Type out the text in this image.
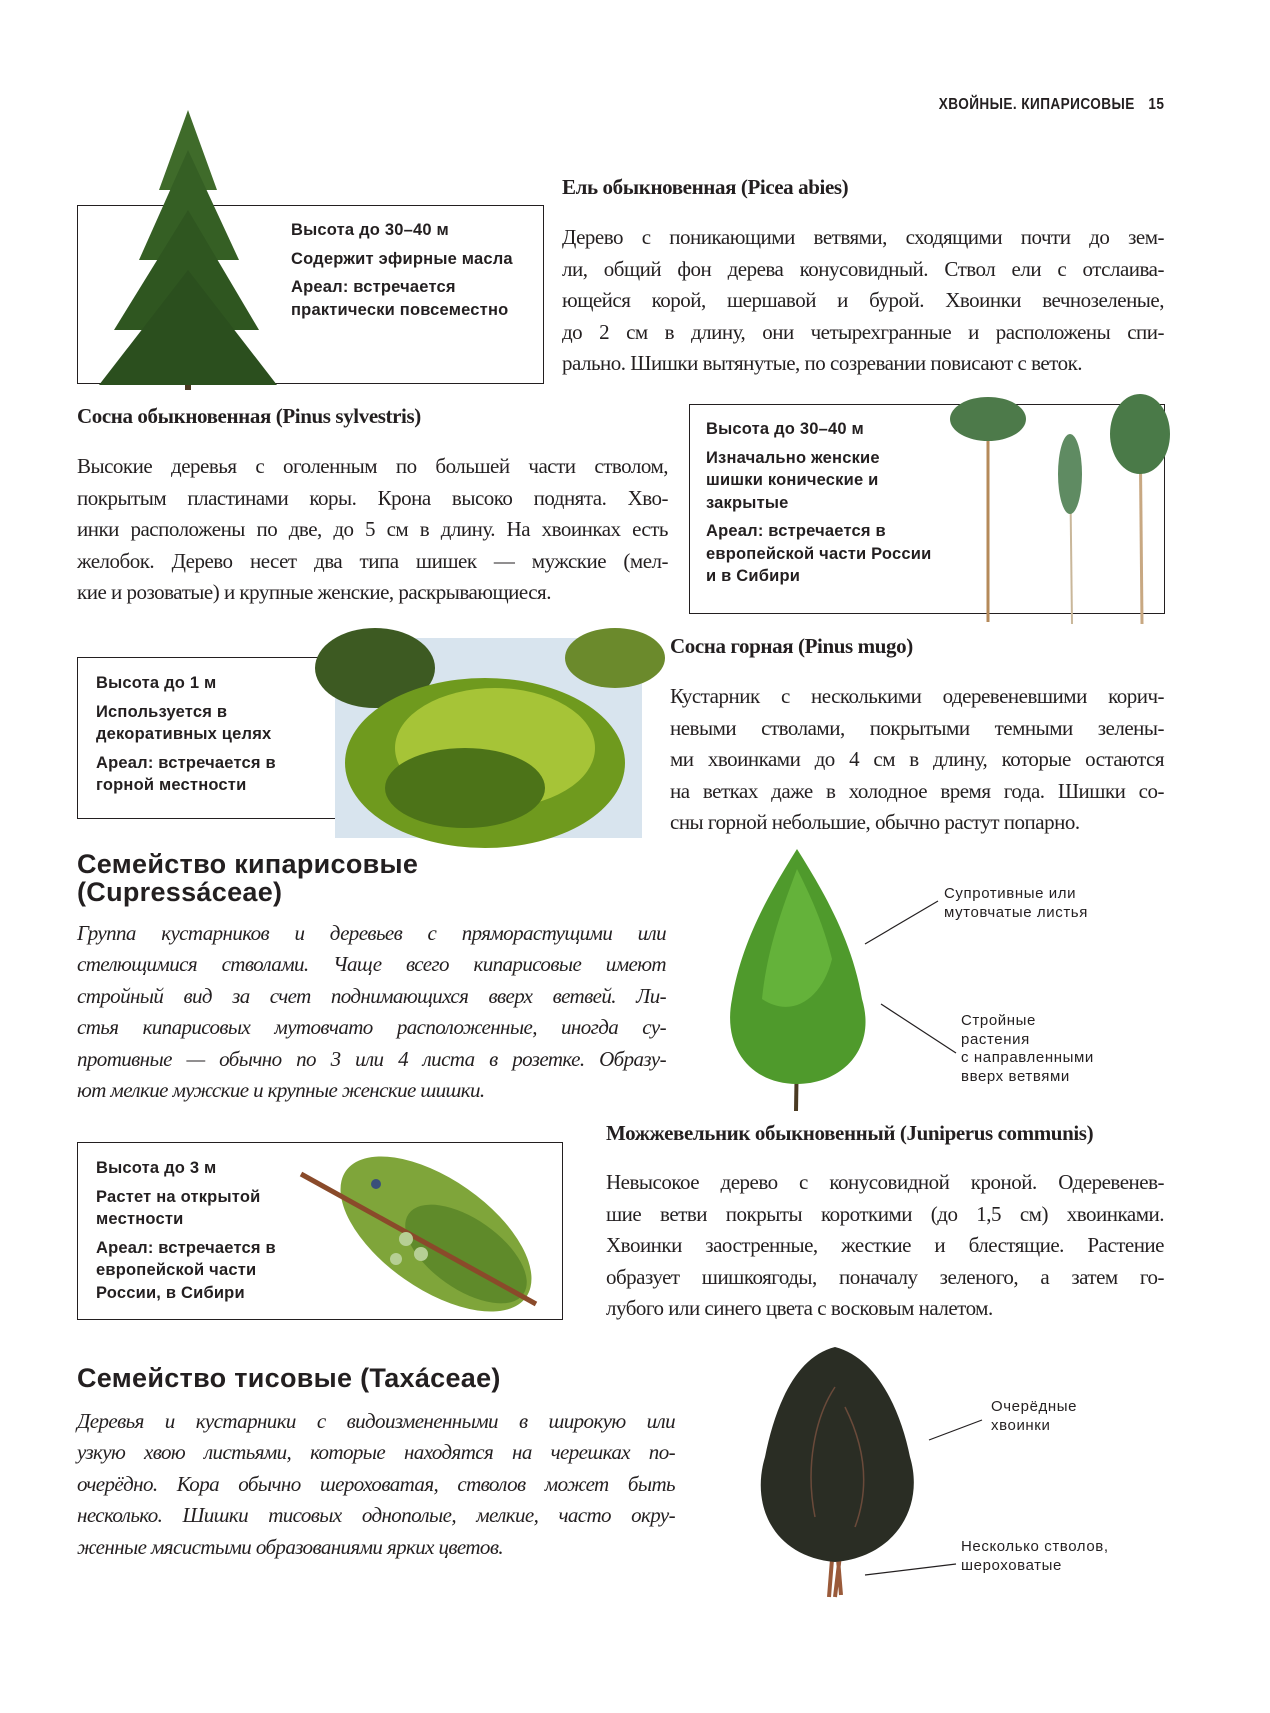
ХВОЙНЫЕ. КИПАРИСОВЫЕ 15

Высота до 30–40 м

Содержит эфирные масла

Ареал: встречается практически повсеместно

Ель обыкновенная (Picea abies)
Дерево с поникающими ветвями, сходящими почти до зем-
ли, общий фон дерева конусовидный. Ствол ели с отслаива-
ющейся корой, шершавой и бурой. Хвоинки вечнозеленые,
до 2 см в длину, они четырехгранные и расположены спи-
рально. Шишки вытянутые, по созревании повисают с веток.
Сосна обыкновенная (Pinus sylvestris)
Высокие деревья с оголенным по большей части стволом,
покрытым пластинами коры. Крона высоко поднята. Хво-
инки расположены по две, до 5 см в длину. На хвоинках есть
желобок. Дерево несет два типа шишек — мужские (мел-
кие и розоватые) и крупные женские, раскрывающиеся.

Высота до 30–40 м

Изначально женские шишки конические и закрытые

Ареал: встречается в европейской части России и в Сибири

Высота до 1 м

Используется в декоративных целях

Ареал: встречается в горной местности

Сосна горная (Pinus mugo)
Кустарник с несколькими одеревеневшими корич-
невыми стволами, покрытыми темными зелены-
ми хвоинками до 4 см в длину, которые остаются
на ветках даже в холодное время года. Шишки со-
сны горной небольшие, обычно растут попарно.
Семейство кипарисовые
(Cupressáceae)
Группа кустарников и деревьев с пряморастущими или
стелющимися стволами. Чаще всего кипарисовые имеют
стройный вид за счет поднимающихся вверх ветвей. Ли-
стья кипарисовых мутовчато расположенные, иногда су-
противные — обычно по 3 или 4 листа в розетке. Образу-
ют мелкие мужские и крупные женские шишки.
Супротивные или
мутовчатые листья
Стройные
растения
с направленными
вверх ветвями
Можжевельник обыкновенный (Juniperus communis)
Невысокое дерево с конусовидной кроной. Одеревенев-
шие ветви покрыты короткими (до 1,5 см) хвоинками.
Хвоинки заостренные, жесткие и блестящие. Растение
образует шишкоягоды, поначалу зеленого, а затем го-
лубого или синего цвета с восковым налетом.

Высота до 3 м

Растет на открытой местности

Ареал: встречается в европейской части России, в Сибири

Семейство тисовые (Taxáceae)
Деревья и кустарники с видоизмененными в широкую или
узкую хвою листьями, которые находятся на черешках по-
очерёдно. Кора обычно шероховатая, стволов может быть
несколько. Шишки тисовых однополые, мелкие, часто окру-
женные мясистыми образованиями ярких цветов.
Очерёдные
хвоинки
Несколько стволов,
шероховатые
